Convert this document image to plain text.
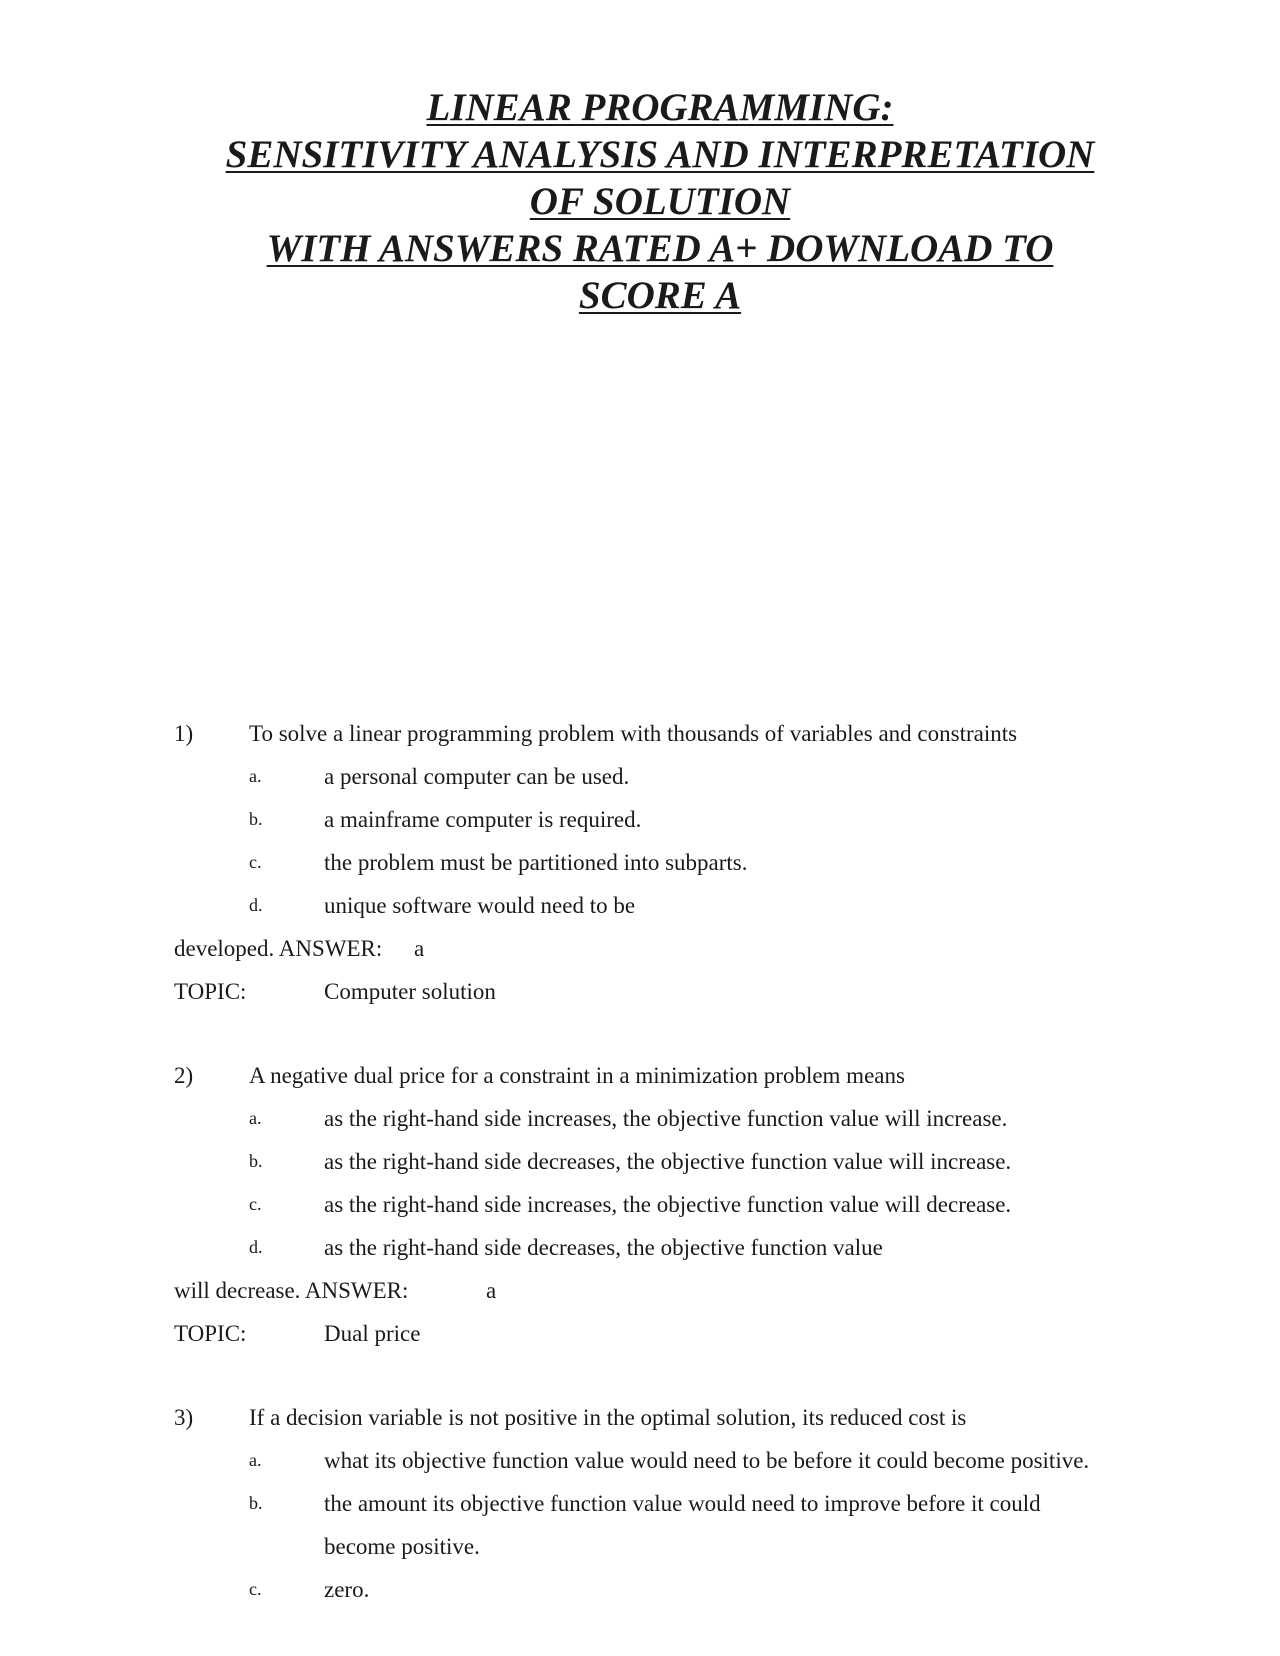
LINEAR PROGRAMMING:
SENSITIVITY ANALYSIS AND INTERPRETATION
OF SOLUTION
WITH ANSWERS RATED A+ DOWNLOAD TO
SCORE A
1) To solve a linear programming problem with thousands of variables and constraints
a.	a personal computer can be used.
b.	a mainframe computer is required.
c.	the problem must be partitioned into subparts.
d.	unique software would need to be
developed. ANSWER: a
TOPIC:	Computer solution
2) A negative dual price for a constraint in a minimization problem means
a.	as the right-hand side increases, the objective function value will increase.
b.	as the right-hand side decreases, the objective function value will increase.
c.	as the right-hand side increases, the objective function value will decrease.
d.	as the right-hand side decreases, the objective function value
will decrease. ANSWER:	a
TOPIC:	Dual price
3) If a decision variable is not positive in the optimal solution, its reduced cost is
a.	what its objective function value would need to be before it could become positive.
b.	the amount its objective function value would need to improve before it could
become positive.
c.	zero.
